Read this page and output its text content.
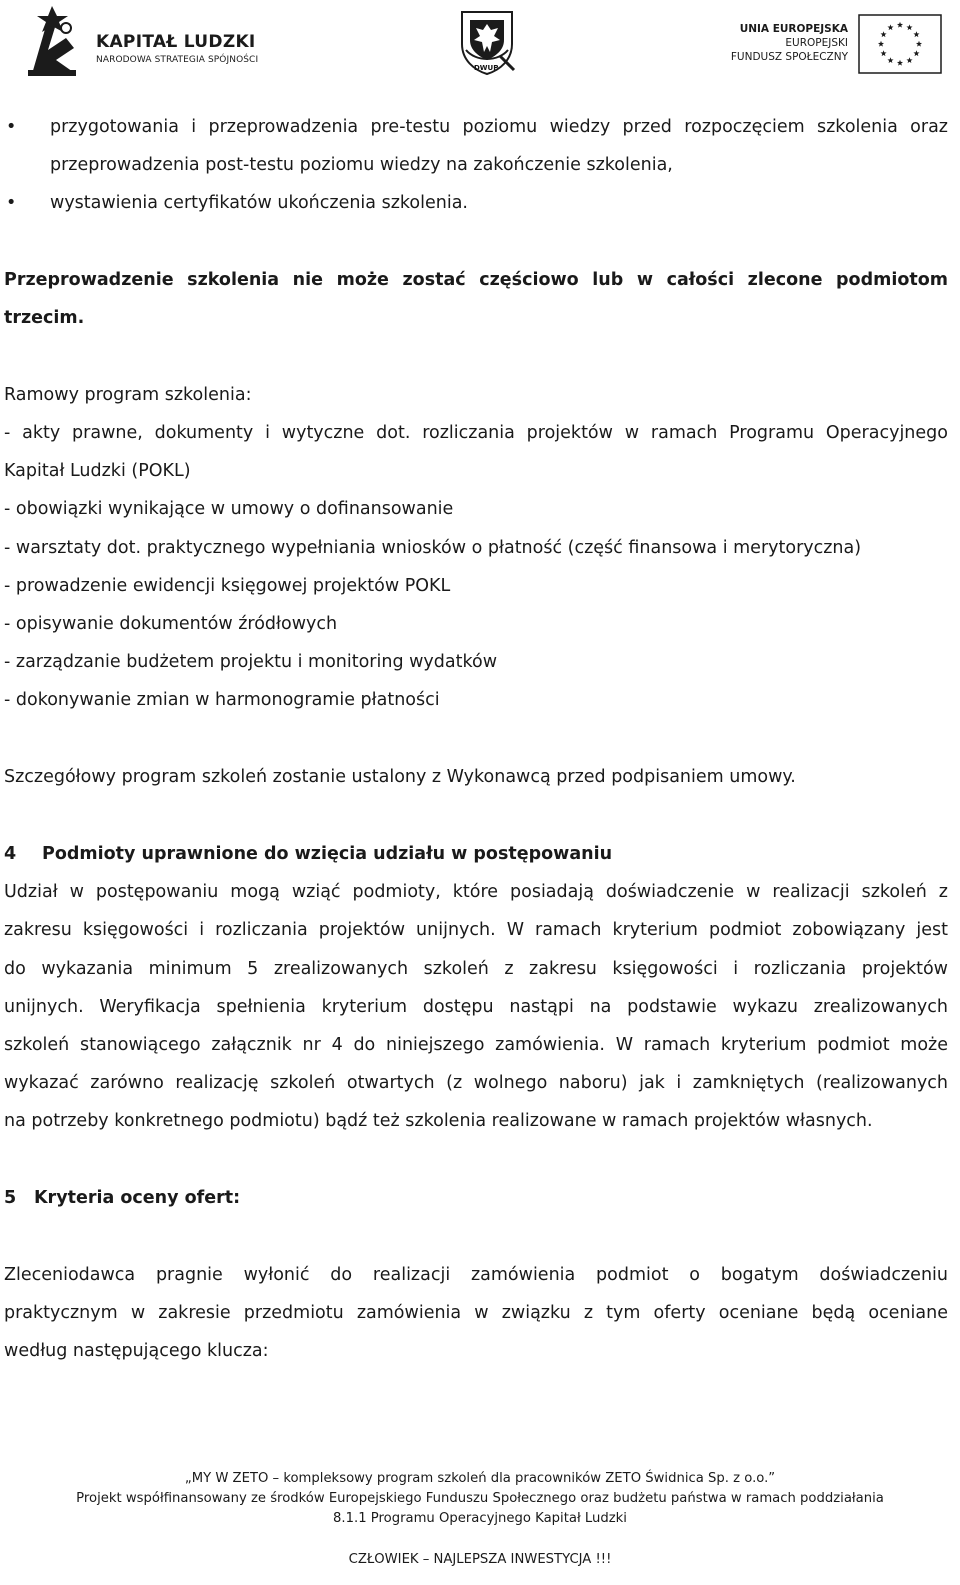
KAPITAŁ LUDZKI
NARODOWA STRATEGIA SPÓJNOŚCI
DWUP
UNIA EUROPEJSKA
EUROPEJSKI
FUNDUSZ SPOŁECZNY
• przygotowania i przeprowadzenia pre-testu poziomu wiedzy przed rozpoczęciem szkolenia oraz

przeprowadzenia post-testu poziomu wiedzy na zakończenie szkolenia,

• wystawienia certyfikatów ukończenia szkolenia.

Przeprowadzenie szkolenia nie może zostać częściowo lub w całości zlecone podmiotom

trzecim.

Ramowy program szkolenia:

- akty prawne, dokumenty i wytyczne dot. rozliczania projektów w ramach Programu Operacyjnego

Kapitał Ludzki (POKL)

- obowiązki wynikające w umowy o dofinansowanie

- warsztaty dot. praktycznego wypełniania wniosków o płatność (część finansowa i merytoryczna)

- prowadzenie ewidencji księgowej projektów POKL

- opisywanie dokumentów źródłowych

- zarządzanie budżetem projektu i monitoring wydatków

- dokonywanie zmian w harmonogramie płatności

Szczegółowy program szkoleń zostanie ustalony z Wykonawcą przed podpisaniem umowy.

4 Podmioty uprawnione do wzięcia udziału w postępowaniu

Udział w postępowaniu mogą wziąć podmioty, które posiadają doświadczenie w realizacji szkoleń z

zakresu księgowości i rozliczania projektów unijnych. W ramach kryterium podmiot zobowiązany jest

do wykazania minimum 5 zrealizowanych szkoleń z zakresu księgowości i rozliczania projektów

unijnych. Weryfikacja spełnienia kryterium dostępu nastąpi na podstawie wykazu zrealizowanych

szkoleń stanowiącego załącznik nr 4 do niniejszego zamówienia. W ramach kryterium podmiot może

wykazać zarówno realizację szkoleń otwartych (z wolnego naboru) jak i zamkniętych (realizowanych

na potrzeby konkretnego podmiotu) bądź też szkolenia realizowane w ramach projektów własnych.

5 Kryteria oceny ofert:

Zleceniodawca pragnie wyłonić do realizacji zamówienia podmiot o bogatym doświadczeniu

praktycznym w zakresie przedmiotu zamówienia w związku z tym oferty oceniane będą oceniane

według następującego klucza:

„MY W ZETO – kompleksowy program szkoleń dla pracowników ZETO Świdnica Sp. z o.o.”
Projekt współfinansowany ze środków Europejskiego Funduszu Społecznego oraz budżetu państwa w ramach poddziałania
8.1.1 Programu Operacyjnego Kapitał Ludzki
CZŁOWIEK – NAJLEPSZA INWESTYCJA !!!
